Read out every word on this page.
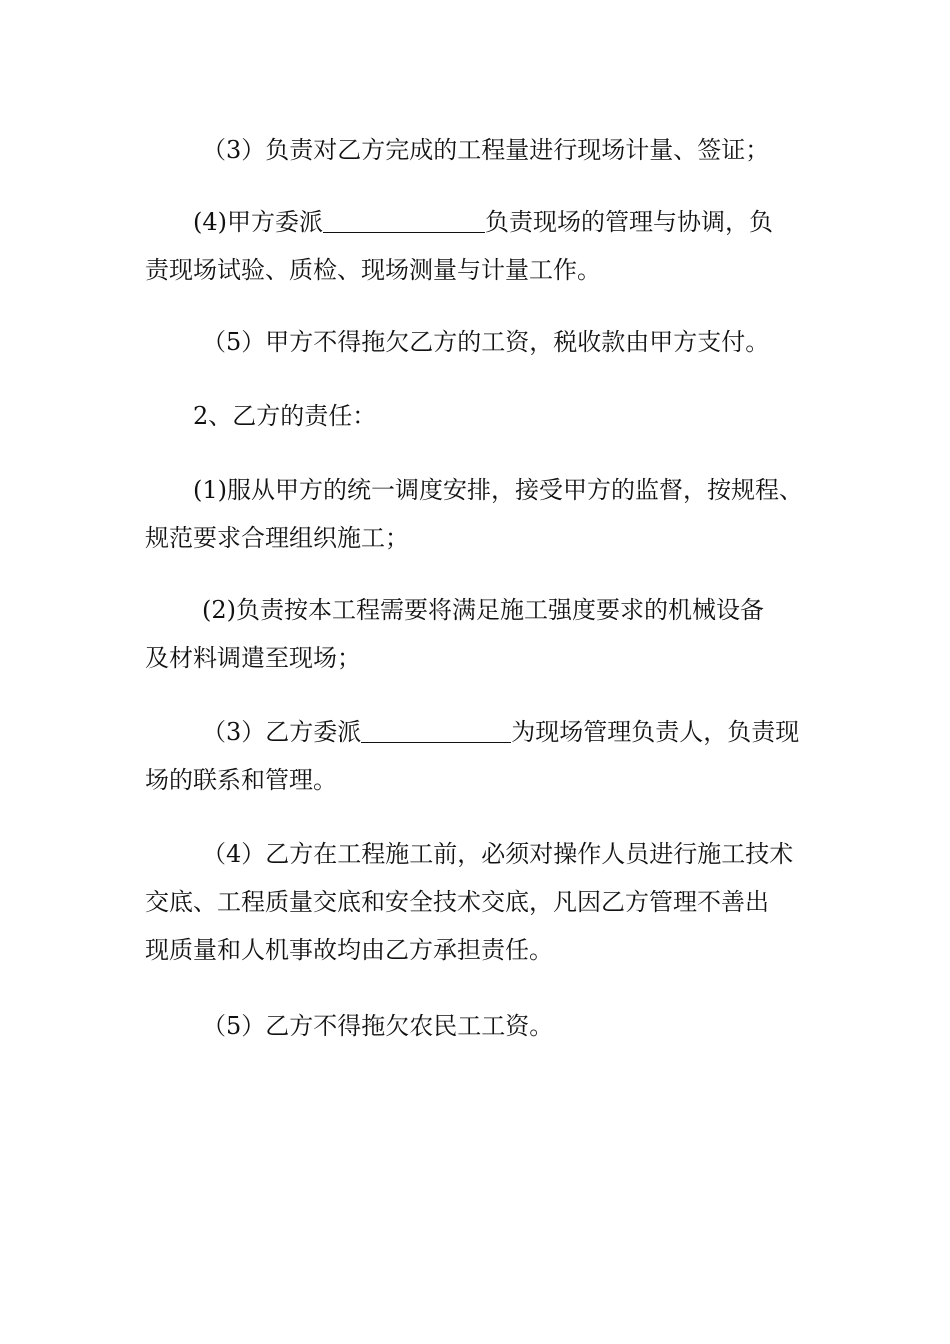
（3）负责对乙方完成的工程量进行现场计量、签证；

(4)甲方委派	负责现场的管理与协调，负
责现场试验、质检、现场测量与计量工作。

（5）甲方不得拖欠乙方的工资，税收款由甲方支付。

2、乙方的责任：

(1)服从甲方的统一调度安排，接受甲方的监督，按规程、
规范要求合理组织施工；

(2)负责按本工程需要将满足施工强度要求的机械设备
及材料调遣至现场；

（3）乙方委派	为现场管理负责人，负责现
场的联系和管理。

（4）乙方在工程施工前，必须对操作人员进行施工技术
交底、工程质量交底和安全技术交底，凡因乙方管理不善出
现质量和人机事故均由乙方承担责任。

（5）乙方不得拖欠农民工工资。
